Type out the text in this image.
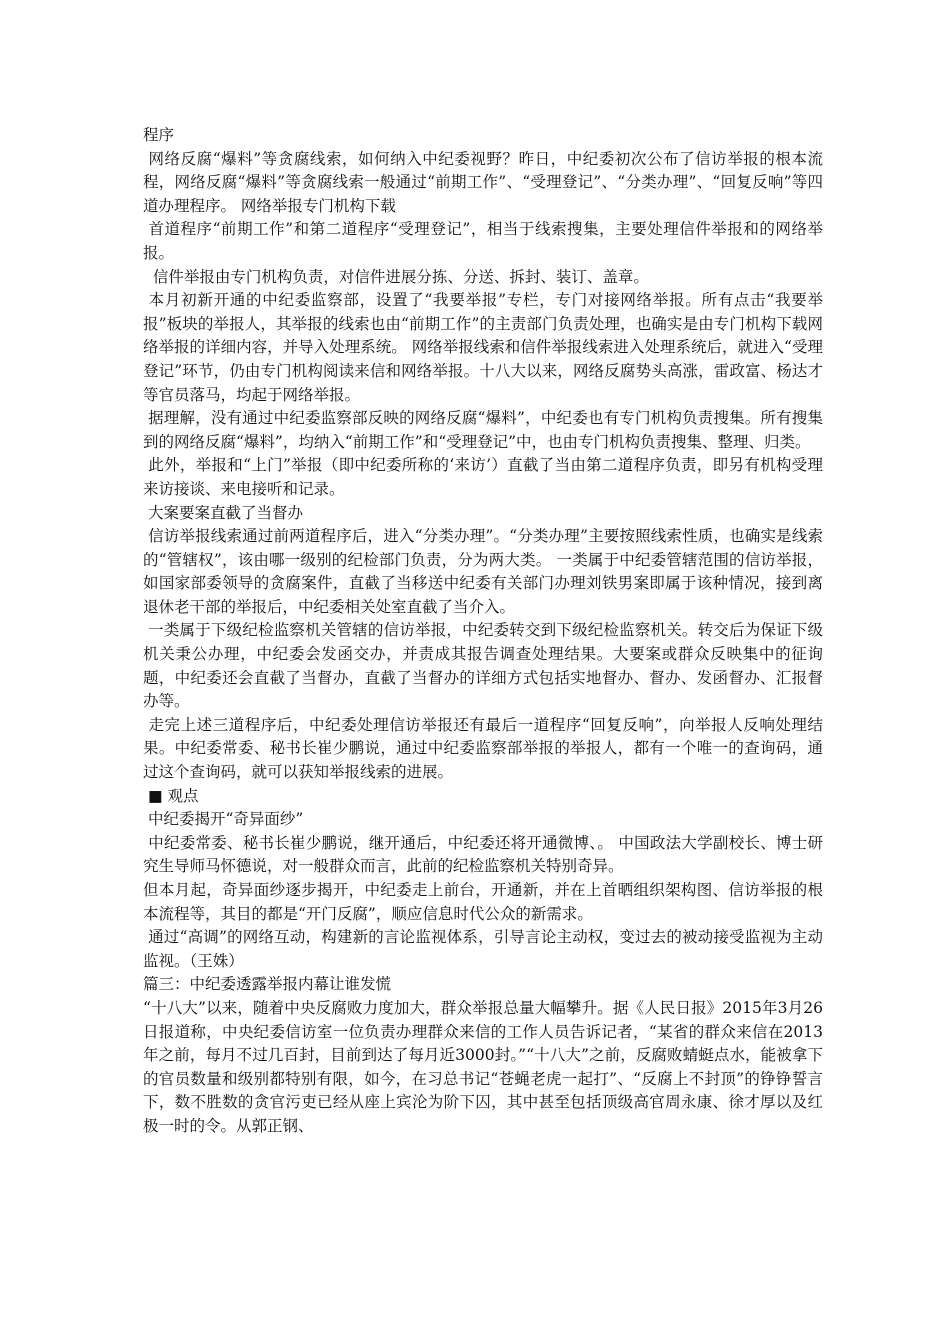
程序

网络反腐“爆料”等贪腐线索，如何纳入中纪委视野？昨日，中纪委初次公布了信访举报的根本流程，网络反腐“爆料”等贪腐线索一般通过“前期工作”、“受理登记”、“分类办理”、“回复反响”等四道办理程序。 网络举报专门机构下载

首道程序“前期工作”和第二道程序“受理登记”，相当于线索搜集，主要处理信件举报和的网络举报。

信件举报由专门机构负责，对信件进展分拣、分送、拆封、装订、盖章。

本月初新开通的中纪委监察部，设置了“我要举报”专栏，专门对接网络举报。所有点击“我要举报”板块的举报人，其举报的线索也由“前期工作”的主责部门负责处理，也确实是由专门机构下载网络举报的详细内容，并导入处理系统。 网络举报线索和信件举报线索进入处理系统后，就进入“受理登记”环节，仍由专门机构阅读来信和网络举报。十八大以来，网络反腐势头高涨，雷政富、杨达才等官员落马，均起于网络举报。

据理解，没有通过中纪委监察部反映的网络反腐“爆料”，中纪委也有专门机构负责搜集。所有搜集到的网络反腐“爆料”，均纳入“前期工作”和“受理登记”中，也由专门机构负责搜集、整理、归类。

此外，举报和“上门”举报（即中纪委所称的‘来访’）直截了当由第二道程序负责，即另有机构受理来访接谈、来电接听和记录。

大案要案直截了当督办

信访举报线索通过前两道程序后，进入“分类办理”。“分类办理”主要按照线索性质，也确实是线索的“管辖权”，该由哪一级别的纪检部门负责，分为两大类。 一类属于中纪委管辖范围的信访举报，如国家部委领导的贪腐案件，直截了当移送中纪委有关部门办理刘铁男案即属于该种情况，接到离退休老干部的举报后，中纪委相关处室直截了当介入。

一类属于下级纪检监察机关管辖的信访举报，中纪委转交到下级纪检监察机关。转交后为保证下级机关秉公办理，中纪委会发函交办，并责成其报告调查处理结果。大要案或群众反映集中的征询题，中纪委还会直截了当督办，直截了当督办的详细方式包括实地督办、督办、发函督办、汇报督办等。

走完上述三道程序后，中纪委处理信访举报还有最后一道程序“回复反响”，向举报人反响处理结果。中纪委常委、秘书长崔少鹏说，通过中纪委监察部举报的举报人，都有一个唯一的查询码，通过这个查询码，就可以获知举报线索的进展。

■ 观点

中纪委揭开“奇异面纱”

中纪委常委、秘书长崔少鹏说，继开通后，中纪委还将开通微博、。 中国政法大学副校长、博士研究生导师马怀德说，对一般群众而言，此前的纪检监察机关特别奇异。

但本月起，奇异面纱逐步揭开，中纪委走上前台，开通新，并在上首晒组织架构图、信访举报的根本流程等，其目的都是“开门反腐”，顺应信息时代公众的新需求。

通过“高调”的网络互动，构建新的言论监视体系，引导言论主动权，变过去的被动接受监视为主动监视。（王姝）

篇三：中纪委透露举报内幕让谁发慌

“十八大”以来，随着中央反腐败力度加大，群众举报总量大幅攀升。据《人民日报》2015年3月26日报道称，中央纪委信访室一位负责办理群众来信的工作人员告诉记者，“某省的群众来信在2013年之前，每月不过几百封，目前到达了每月近3000封。”“十八大”之前，反腐败蜻蜓点水，能被拿下的官员数量和级别都特别有限，如今，在习总书记“苍蝇老虎一起打”、“反腐上不封顶”的铮铮誓言下，数不胜数的贪官污吏已经从座上宾沦为阶下囚，其中甚至包括顶级高官周永康、徐才厚以及红极一时的令。从郭正钢、
